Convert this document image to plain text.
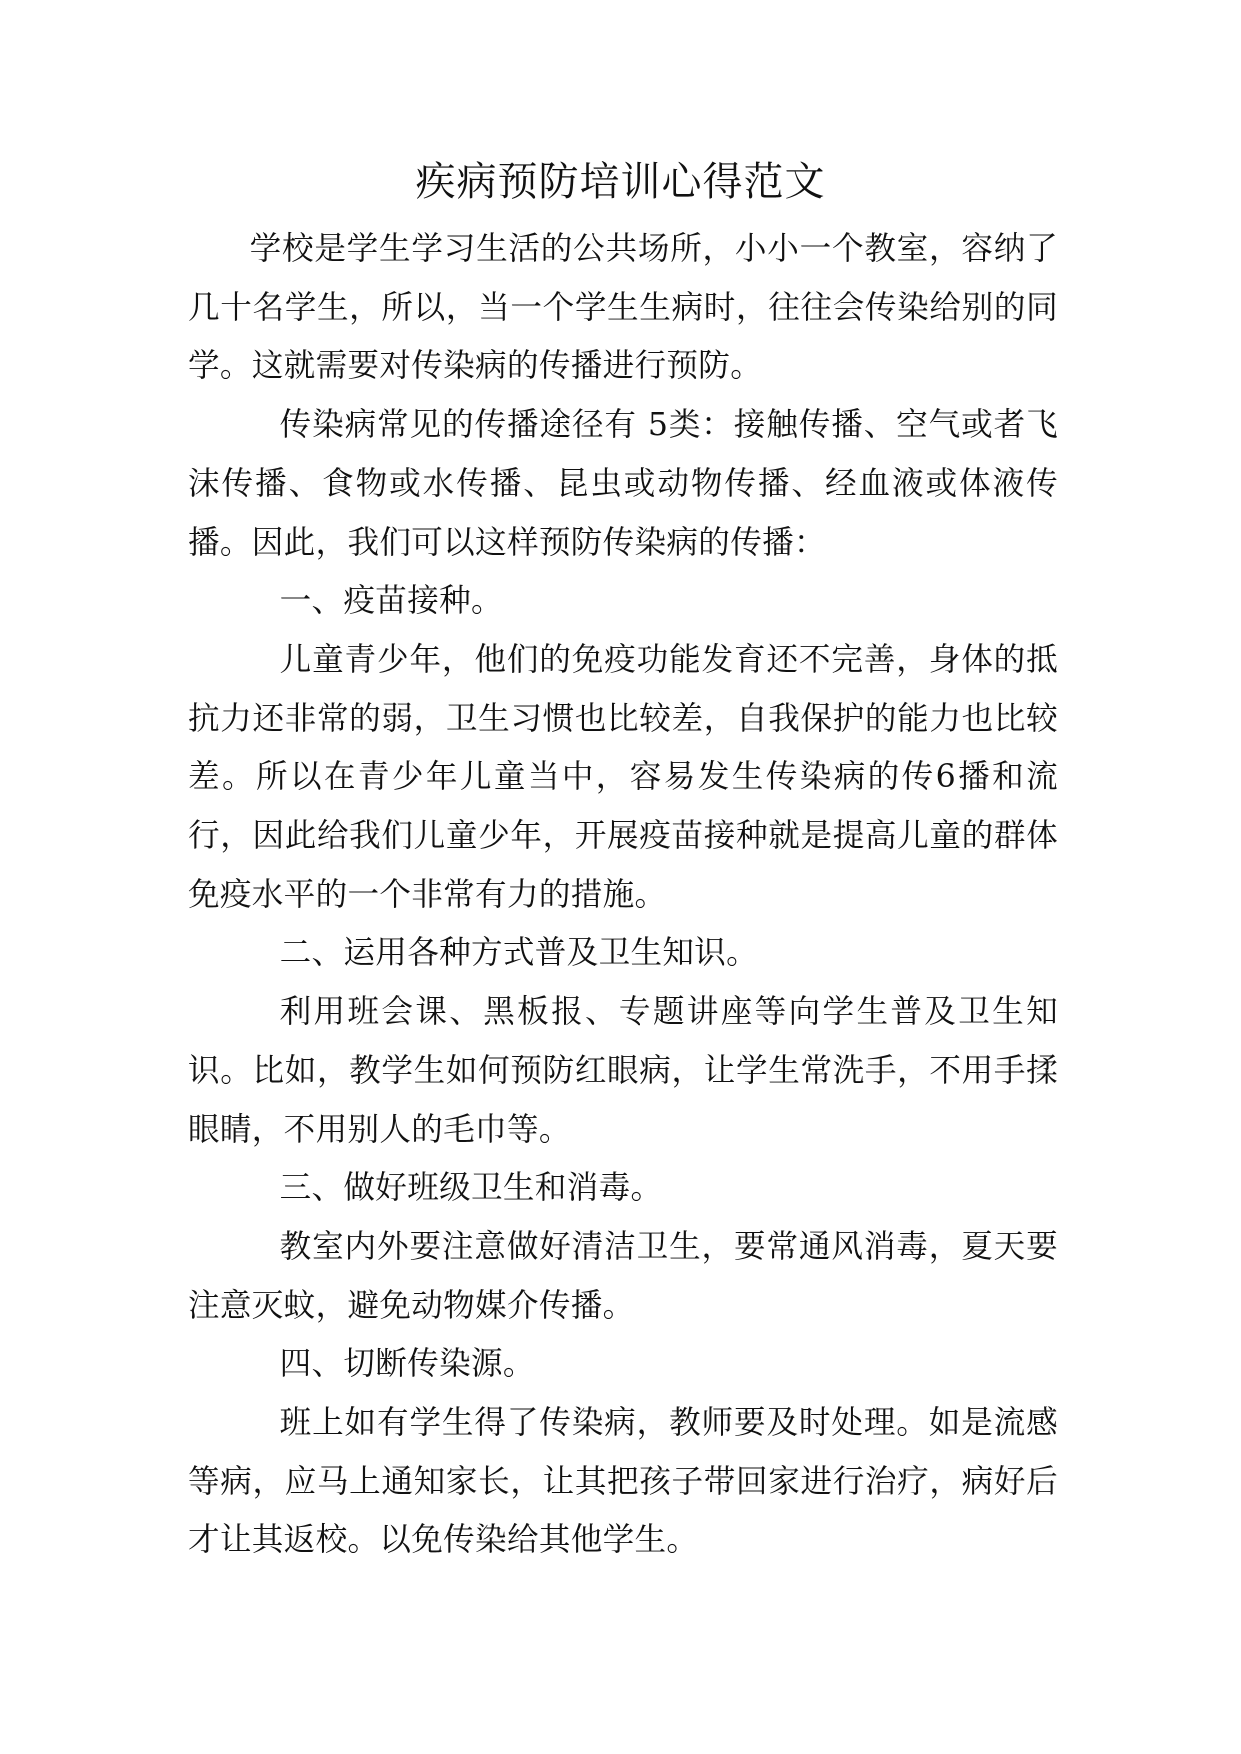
疾病预防培训心得范文

学校是学生学习生活的公共场所，小小一个教室，容纳了几十名学生，所以，当一个学生生病时，往往会传染给别的同学。这就需要对传染病的传播进行预防。

传染病常见的传播途径有 5类：接触传播、空气或者飞沫传播、食物或水传播、昆虫或动物传播、经血液或体液传播。因此，我们可以这样预防传染病的传播：

一、疫苗接种。

儿童青少年，他们的免疫功能发育还不完善，身体的抵抗力还非常的弱，卫生习惯也比较差，自我保护的能力也比较差。所以在青少年儿童当中，容易发生传染病的传6播和流行，因此给我们儿童少年，开展疫苗接种就是提高儿童的群体免疫水平的一个非常有力的措施。

二、运用各种方式普及卫生知识。

利用班会课、黑板报、专题讲座等向学生普及卫生知识。比如，教学生如何预防红眼病，让学生常洗手，不用手揉眼睛，不用别人的毛巾等。

三、做好班级卫生和消毒。

教室内外要注意做好清洁卫生，要常通风消毒，夏天要注意灭蚊，避免动物媒介传播。

四、切断传染源。

班上如有学生得了传染病，教师要及时处理。如是流感等病，应马上通知家长，让其把孩子带回家进行治疗，病好后才让其返校。以免传染给其他学生。
